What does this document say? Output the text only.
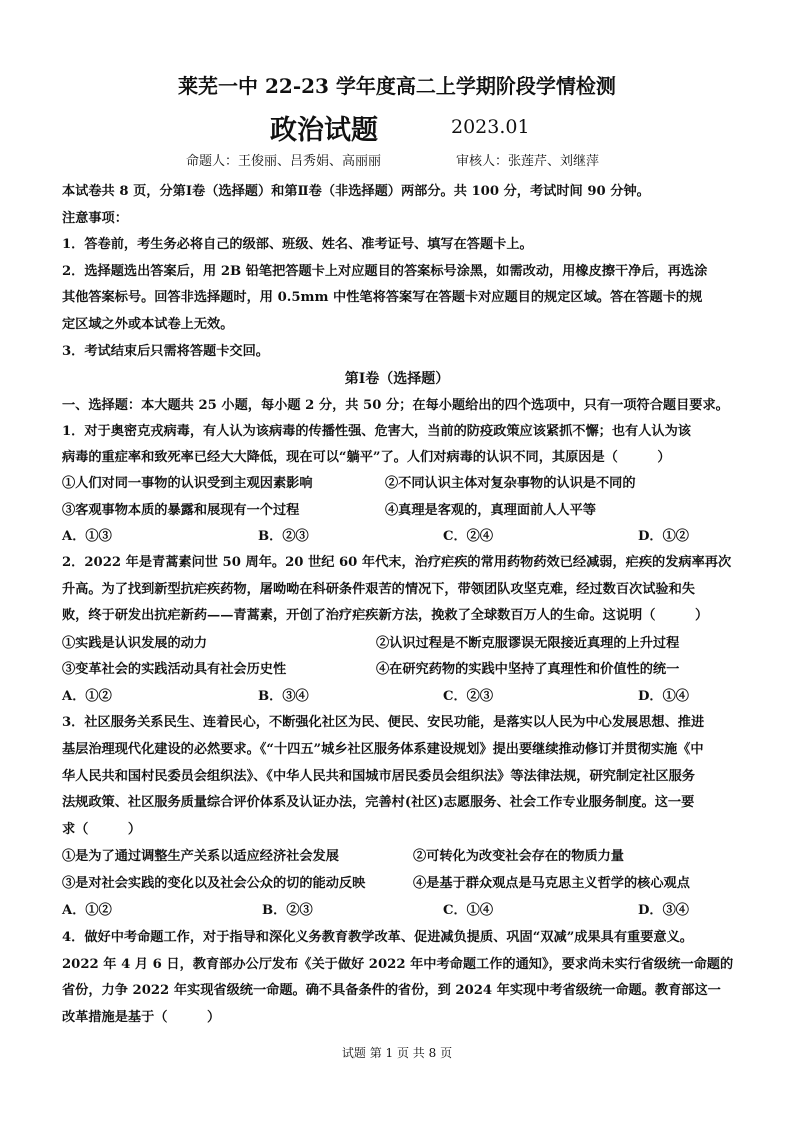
莱芜一中 22-23 学年度高二上学期阶段学情检测
政治试题	2023.01
命题人：王俊丽、吕秀娟、高丽丽	审核人：张莲芹、刘继萍
本试卷共 8 页，分第Ⅰ卷（选择题）和第Ⅱ卷（非选择题）两部分。共 100 分，考试时间 90 分钟。
注意事项：
1．答卷前，考生务必将自己的级部、班级、姓名、准考证号、填写在答题卡上。
2．选择题选出答案后，用 2B 铅笔把答题卡上对应题目的答案标号涂黑，如需改动，用橡皮擦干净后，再选涂
其他答案标号。回答非选择题时，用 0.5mm 中性笔将答案写在答题卡对应题目的规定区域。答在答题卡的规
定区域之外或本试卷上无效。
3．考试结束后只需将答题卡交回。
第Ⅰ卷（选择题）
一、选择题：本大题共 25 小题，每小题 2 分，共 50 分；在每小题给出的四个选项中，只有一项符合题目要求。
1．对于奥密克戎病毒，有人认为该病毒的传播性强、危害大，当前的防疫政策应该紧抓不懈；也有人认为该
病毒的重症率和致死率已经大大降低，现在可以“躺平”了。人们对病毒的认识不同，其原因是（　　　）
①人们对同一事物的认识受到主观因素影响	②不同认识主体对复杂事物的认识是不同的
③客观事物本质的暴露和展现有一个过程	④真理是客观的，真理面前人人平等
A．①③	B．②③	C．②④	D．①②
2．2022 年是青蒿素问世 50 周年。20 世纪 60 年代末，治疗疟疾的常用药物药效已经减弱，疟疾的发病率再次
升高。为了找到新型抗疟疾药物，屠呦呦在科研条件艰苦的情况下，带领团队攻坚克难，经过数百次试验和失
败，终于研发出抗疟新药——青蒿素，开创了治疗疟疾新方法，挽救了全球数百万人的生命。这说明（　　　）
①实践是认识发展的动力	②认识过程是不断克服谬误无限接近真理的上升过程
③变革社会的实践活动具有社会历史性	④在研究药物的实践中坚持了真理性和价值性的统一
A．①②	B．③④	C．②③	D．①④
3．社区服务关系民生、连着民心，不断强化社区为民、便民、安民功能，是落实以人民为中心发展思想、推进
基层治理现代化建设的必然要求。《“十四五”城乡社区服务体系建设规划》提出要继续推动修订并贯彻实施《中
华人民共和国村民委员会组织法》、《中华人民共和国城市居民委员会组织法》等法律法规，研究制定社区服务
法规政策、社区服务质量综合评价体系及认证办法，完善村(社区)志愿服务、社会工作专业服务制度。这一要
求（　　　）
①是为了通过调整生产关系以适应经济社会发展	②可转化为改变社会存在的物质力量
③是对社会实践的变化以及社会公众的切的能动反映	④是基于群众观点是马克思主义哲学的核心观点
A．①②	B．②③	C．①④	D．③④
4．做好中考命题工作，对于指导和深化义务教育教学改革、促进减负提质、巩固“双减”成果具有重要意义。
2022 年 4 月 6 日，教育部办公厅发布《关于做好 2022 年中考命题工作的通知》，要求尚未实行省级统一命题的
省份，力争 2022 年实现省级统一命题。确不具备条件的省份，到 2024 年实现中考省级统一命题。教育部这一
改革措施是基于（　　　）
试题 第 1 页 共 8 页
